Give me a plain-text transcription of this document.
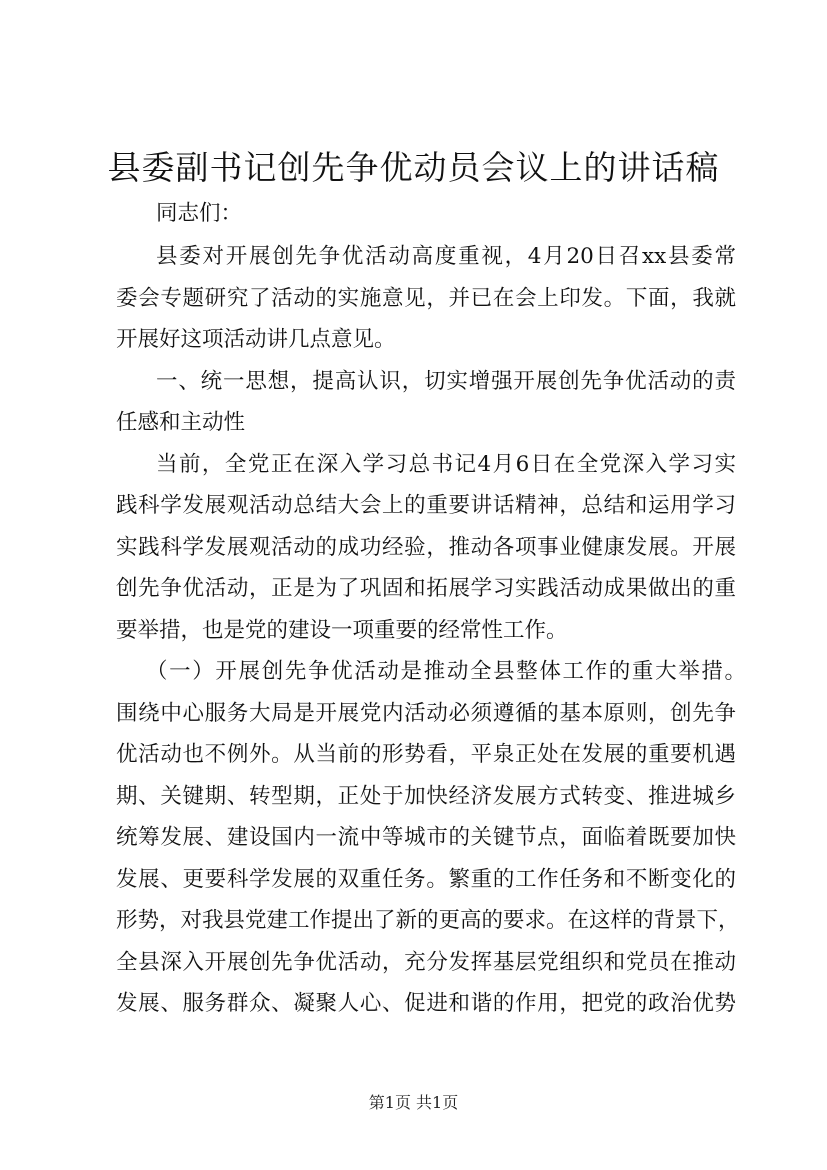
县委副书记创先争优动员会议上的讲话稿
同志们：
县委对开展创先争优活动高度重视，4月20日召xx县委常
委会专题研究了活动的实施意见，并已在会上印发。下面，我就
开展好这项活动讲几点意见。
一、统一思想，提高认识，切实增强开展创先争优活动的责
任感和主动性
当前，全党正在深入学习总书记4月6日在全党深入学习实
践科学发展观活动总结大会上的重要讲话精神，总结和运用学习
实践科学发展观活动的成功经验，推动各项事业健康发展。开展
创先争优活动，正是为了巩固和拓展学习实践活动成果做出的重
要举措，也是党的建设一项重要的经常性工作。
（一）开展创先争优活动是推动全县整体工作的重大举措。
围绕中心服务大局是开展党内活动必须遵循的基本原则，创先争
优活动也不例外。从当前的形势看，平泉正处在发展的重要机遇
期、关键期、转型期，正处于加快经济发展方式转变、推进城乡
统筹发展、建设国内一流中等城市的关键节点，面临着既要加快
发展、更要科学发展的双重任务。繁重的工作任务和不断变化的
形势，对我县党建工作提出了新的更高的要求。在这样的背景下，
全县深入开展创先争优活动，充分发挥基层党组织和党员在推动
发展、服务群众、凝聚人心、促进和谐的作用，把党的政治优势
第1页 共1页
